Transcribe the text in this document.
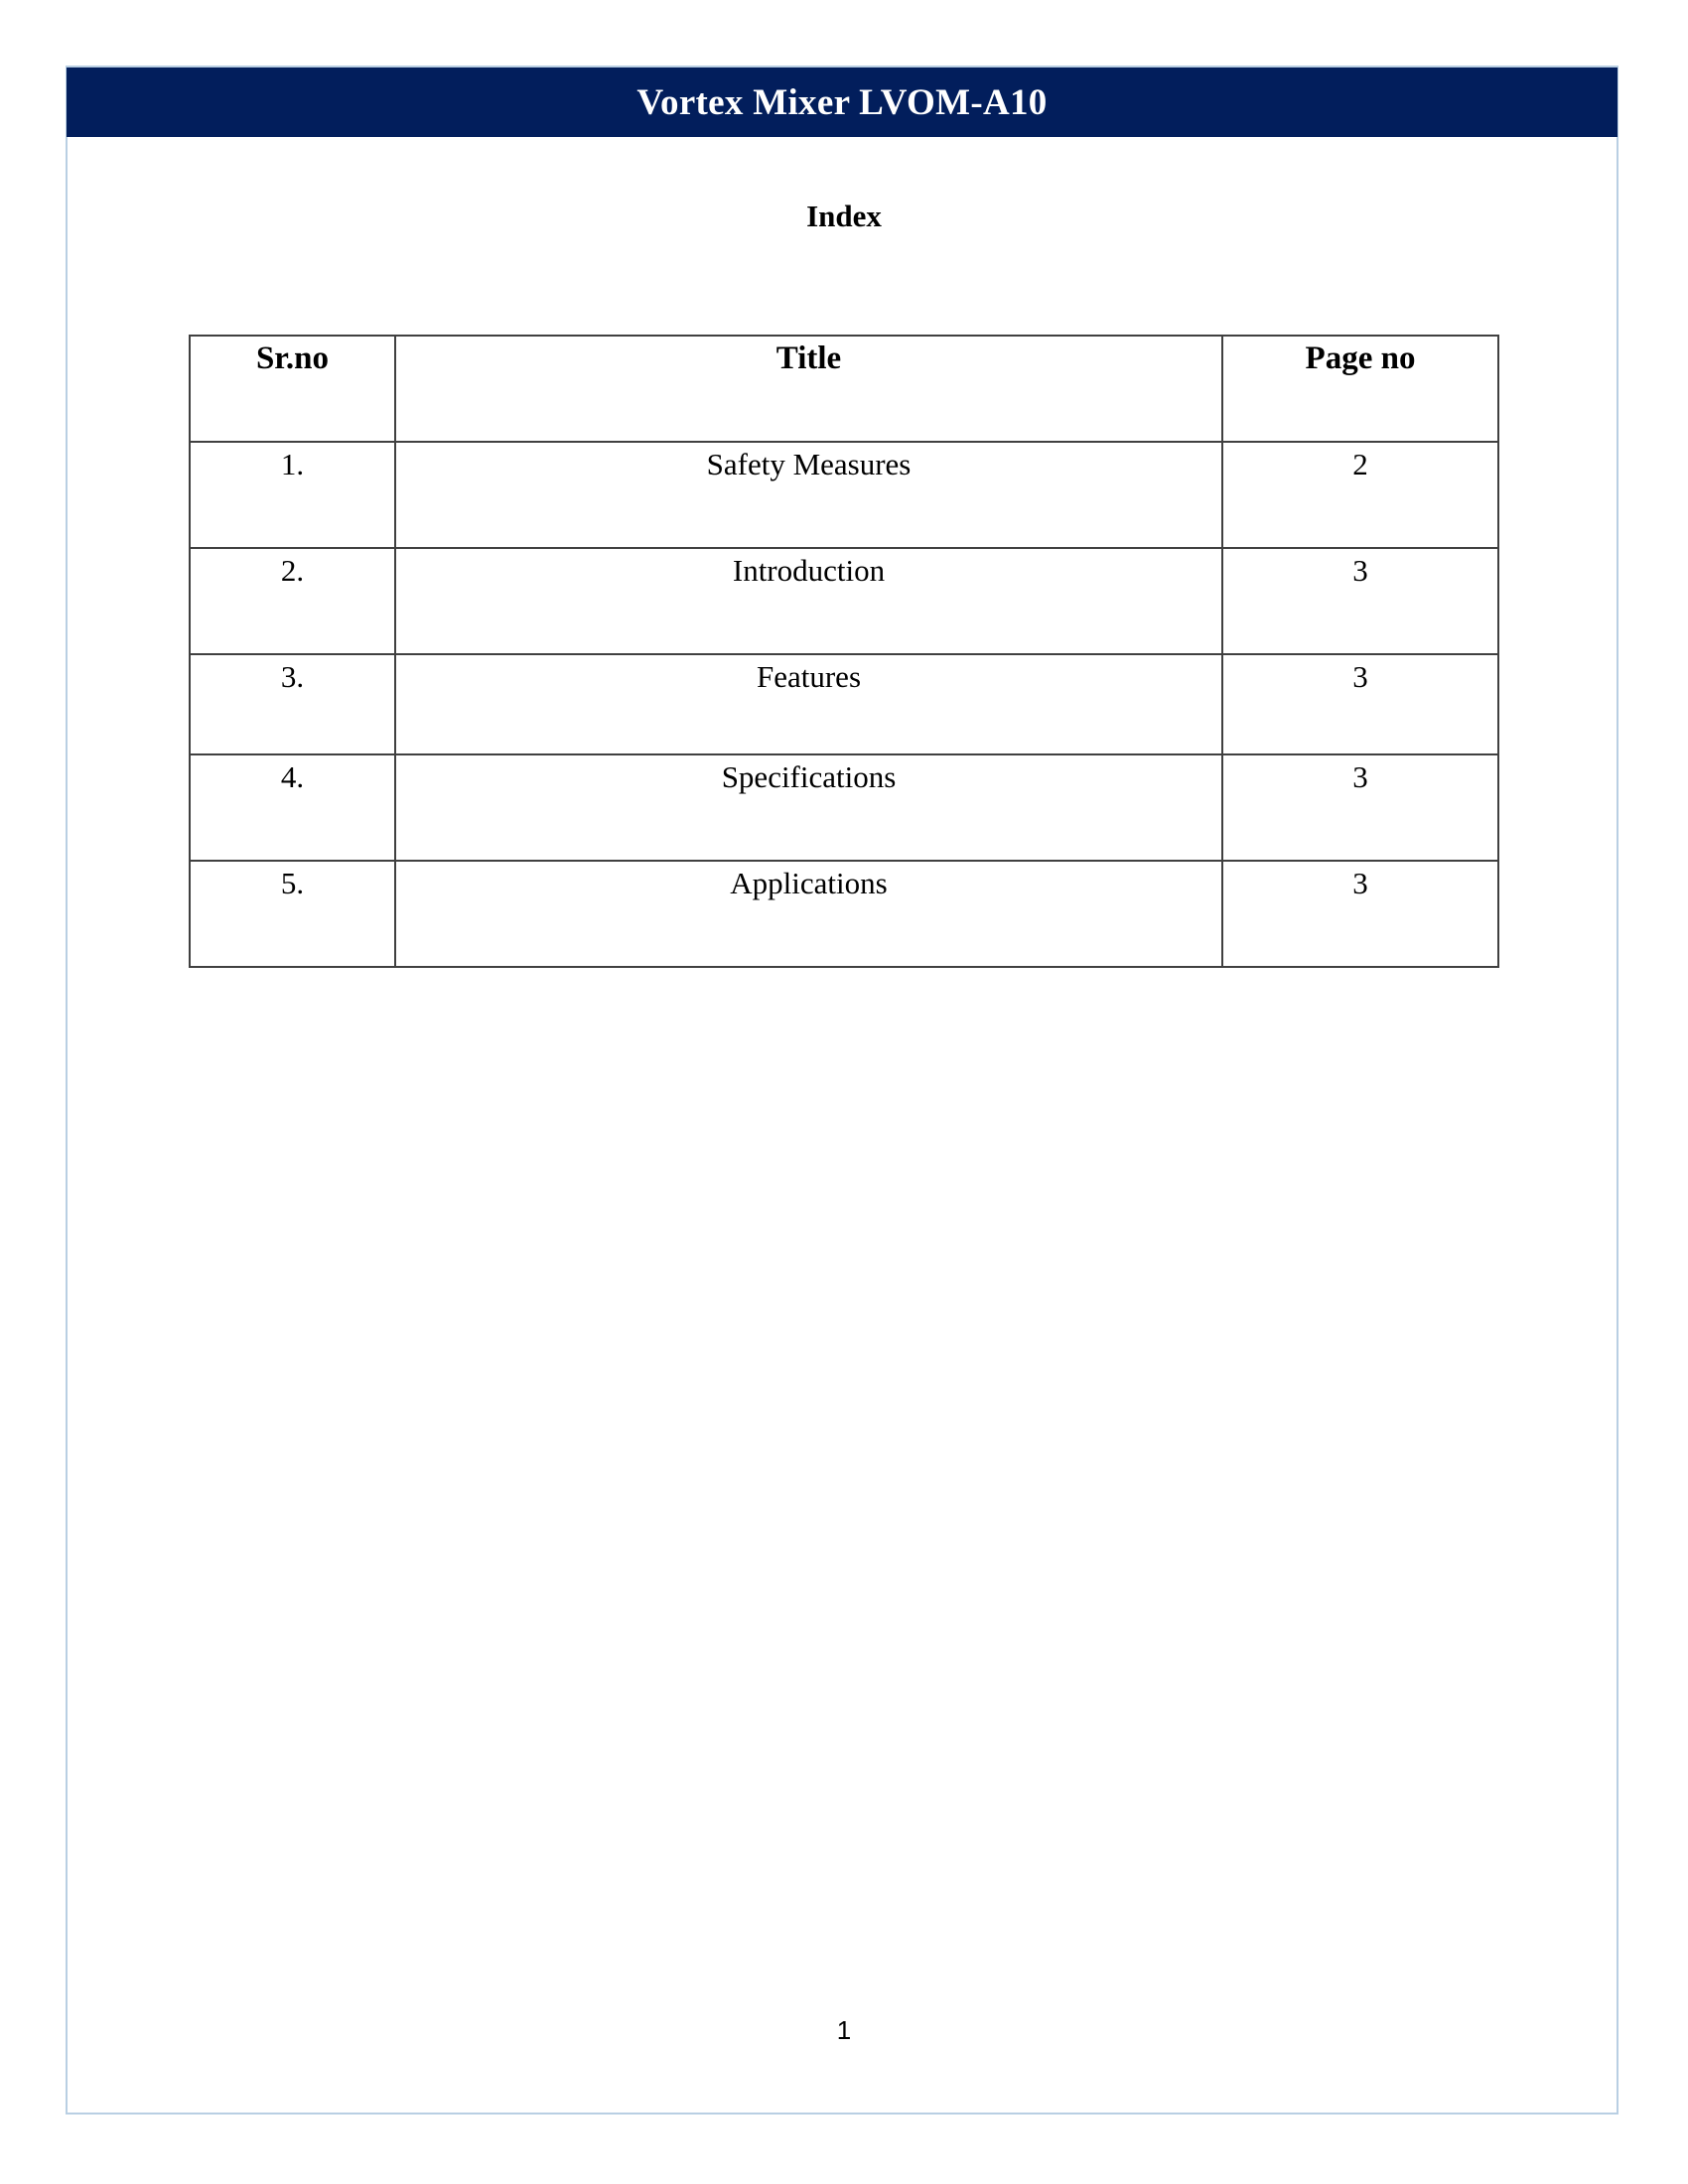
Vortex Mixer LVOM-A10
Index
Sr.no	Title	Page no
1.	Safety Measures	2
2.	Introduction	3
3.	Features	3
4.	Specifications	3
5.	Applications	3
1
